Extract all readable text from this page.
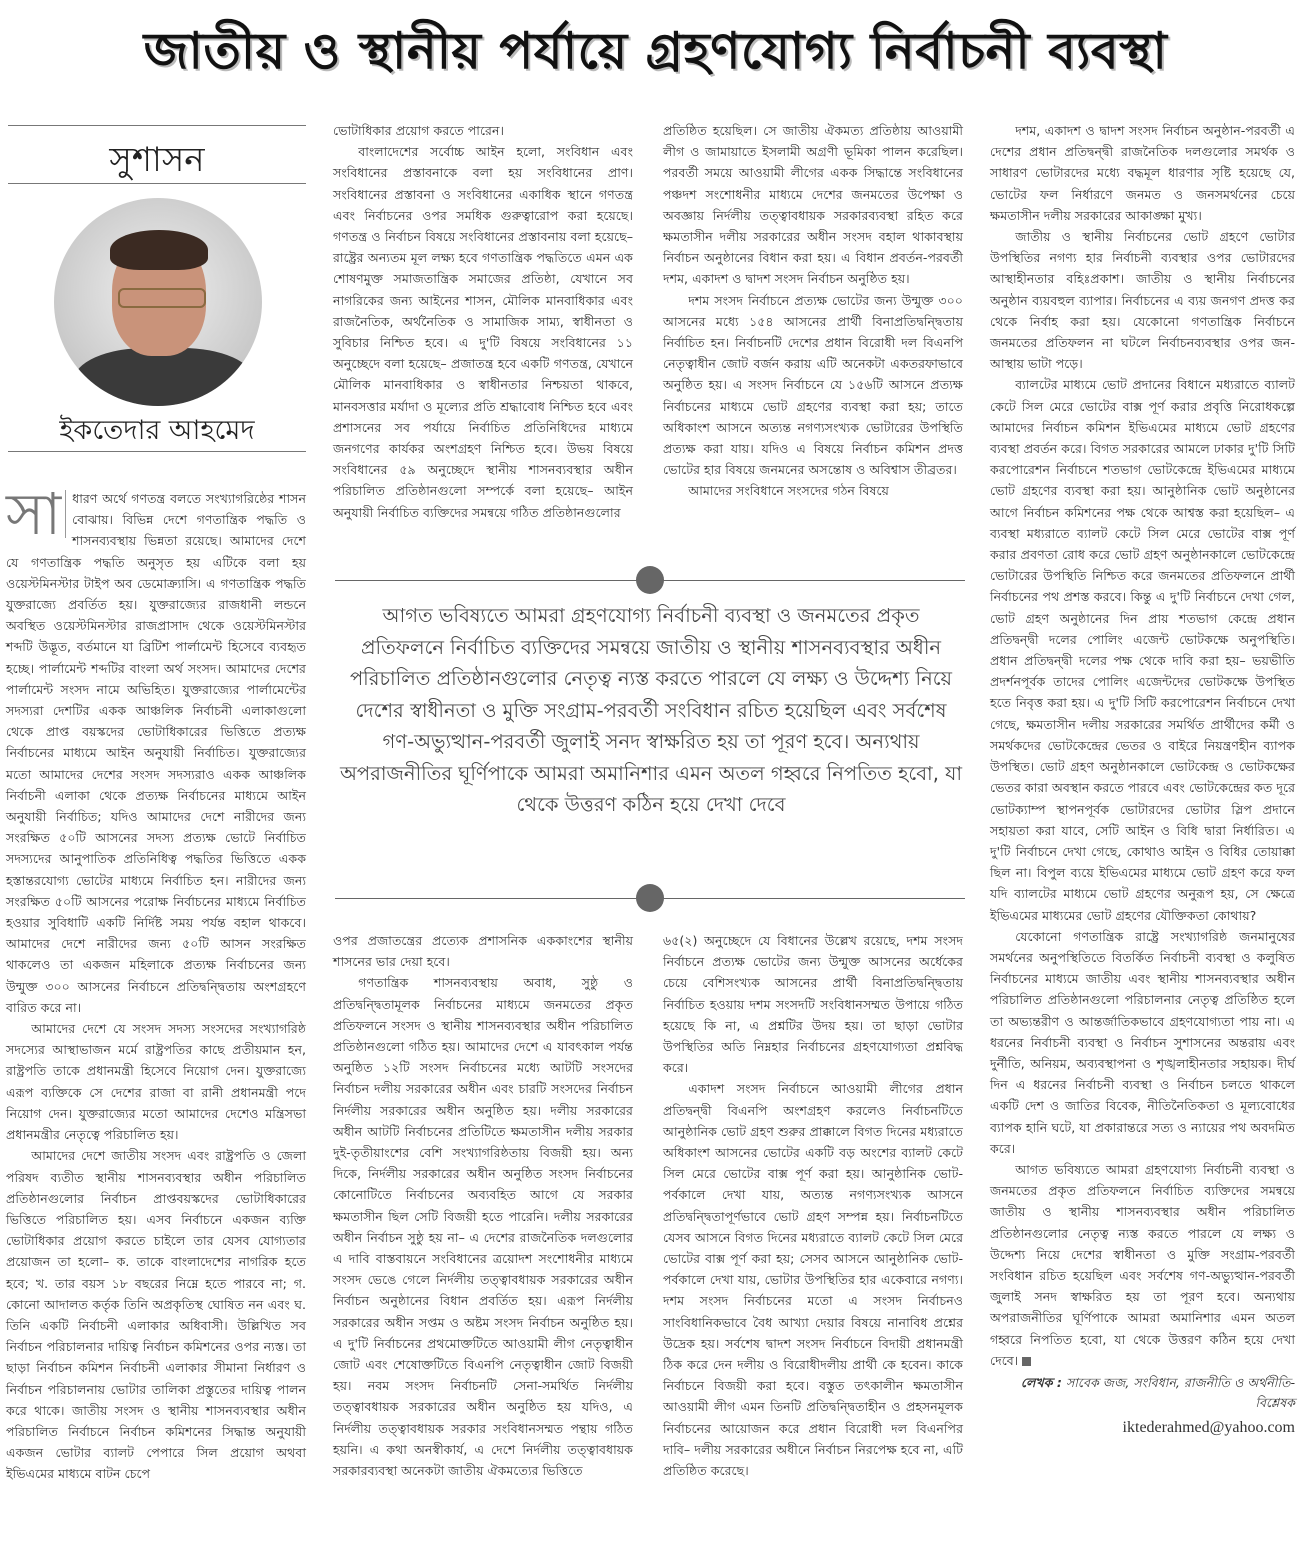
জাতীয় ও স্থানীয় পর্যায়ে গ্রহণযোগ্য নির্বাচনী ব্যবস্থা
সুশাসন
ইকতেদার আহমেদ

সা ধারণ অর্থে গণতন্ত্র বলতে সংখ্যাগরিষ্ঠের শাসন বোঝায়। বিভিন্ন দেশে গণতান্ত্রিক পদ্ধতি ও শাসনব্যবস্থায় ভিন্নতা রয়েছে। আমাদের দেশে যে গণতান্ত্রিক পদ্ধতি অনুসৃত হয় এটিকে বলা হয় ওয়েস্টমিনস্টার টাইপ অব ডেমোক্র্যাসি। এ গণতান্ত্রিক পদ্ধতি যুক্তরাজ্যে প্রবর্তিত হয়। যুক্তরাজ্যের রাজধানী লন্ডনে অবস্থিত ওয়েস্টমিনস্টার রাজপ্রাসাদ থেকে ওয়েস্টমিনস্টার শব্দটি উদ্ভূত, বর্তমানে যা ব্রিটিশ পার্লামেন্ট হিসেবে ব্যবহৃত হচ্ছে। পার্লামেন্ট শব্দটির বাংলা অর্থ সংসদ। আমাদের দেশের পার্লামেন্ট সংসদ নামে অভিহিত। যুক্তরাজ্যের পার্লামেন্টের সদস্যরা দেশটির একক আঞ্চলিক নির্বাচনী এলাকাগুলো থেকে প্রাপ্ত বয়স্কদের ভোটাধিকারের ভিত্তিতে প্রত্যক্ষ নির্বাচনের মাধ্যমে আইন অনুযায়ী নির্বাচিত। যুক্তরাজ্যের মতো আমাদের দেশের সংসদ সদস্যরাও একক আঞ্চলিক নির্বাচনী এলাকা থেকে প্রত্যক্ষ নির্বাচনের মাধ্যমে আইন অনুযায়ী নির্বাচিত; যদিও আমাদের দেশে নারীদের জন্য সংরক্ষিত ৫০টি আসনের সদস্য প্রত্যক্ষ ভোটে নির্বাচিত সদস্যদের আনুপাতিক প্রতিনিধিত্ব পদ্ধতির ভিত্তিতে একক হস্তান্তরযোগ্য ভোটের মাধ্যমে নির্বাচিত হন। নারীদের জন্য সংরক্ষিত ৫০টি আসনের পরোক্ষ নির্বাচনের মাধ্যমে নির্বাচিত হওয়ার সুবিধাটি একটি নির্দিষ্ট সময় পর্যন্ত বহাল থাকবে। আমাদের দেশে নারীদের জন্য ৫০টি আসন সংরক্ষিত থাকলেও তা একজন মহিলাকে প্রত্যক্ষ নির্বাচনের জন্য উন্মুক্ত ৩০০ আসনের নির্বাচনে প্রতিদ্বন্দ্বিতায় অংশগ্রহণে বারিত করে না।

আমাদের দেশে যে সংসদ সদস্য সংসদের সংখ্যাগরিষ্ঠ সদস্যের আস্থাভাজন মর্মে রাষ্ট্রপতির কাছে প্রতীয়মান হন, রাষ্ট্রপতি তাকে প্রধানমন্ত্রী হিসেবে নিয়োগ দেন। যুক্তরাজ্যে এরূপ ব্যক্তিকে সে দেশের রাজা বা রানী প্রধানমন্ত্রী পদে নিয়োগ দেন। যুক্তরাজ্যের মতো আমাদের দেশেও মন্ত্রিসভা প্রধানমন্ত্রীর নেতৃত্বে পরিচালিত হয়।

আমাদের দেশে জাতীয় সংসদ এবং রাষ্ট্রপতি ও জেলা পরিষদ ব্যতীত স্থানীয় শাসনব্যবস্থার অধীন পরিচালিত প্রতিষ্ঠানগুলোর নির্বাচন প্রাপ্তবয়স্কদের ভোটাধিকারের ভিত্তিতে পরিচালিত হয়। এসব নির্বাচনে একজন ব্যক্তি ভোটাধিকার প্রয়োগ করতে চাইলে তার যেসব যোগ্যতার প্রয়োজন তা হলো– ক. তাকে বাংলাদেশের নাগরিক হতে হবে; খ. তার বয়স ১৮ বছরের নিম্নে হতে পারবে না; গ. কোনো আদালত কর্তৃক তিনি অপ্রকৃতিস্থ ঘোষিত নন এবং ঘ. তিনি একটি নির্বাচনী এলাকার অধিবাসী। উল্লিখিত সব নির্বাচন পরিচালনার দায়িত্ব নির্বাচন কমিশনের ওপর ন্যস্ত। তা ছাড়া নির্বাচন কমিশন নির্বাচনী এলাকার সীমানা নির্ধারণ ও নির্বাচন পরিচালনায় ভোটার তালিকা প্রস্তুতের দায়িত্ব পালন করে থাকে। জাতীয় সংসদ ও স্থানীয় শাসনব্যবস্থার অধীন পরিচালিত নির্বাচনে নির্বাচন কমিশনের সিদ্ধান্ত অনুযায়ী একজন ভোটার ব্যালট পেপারে সিল প্রয়োগ অথবা ইভিএমের মাধ্যমে বাটন চেপে

ভোটাধিকার প্রয়োগ করতে পারেন।

বাংলাদেশের সর্বোচ্চ আইন হলো, সংবিধান এবং সংবিধানের প্রস্তাবনাকে বলা হয় সংবিধানের প্রাণ। সংবিধানের প্রস্তাবনা ও সংবিধানের একাধিক স্থানে গণতন্ত্র এবং নির্বাচনের ওপর সমধিক গুরুত্বারোপ করা হয়েছে। গণতন্ত্র ও নির্বাচন বিষয়ে সংবিধানের প্রস্তাবনায় বলা হয়েছে– রাষ্ট্রের অন্যতম মূল লক্ষ্য হবে গণতান্ত্রিক পদ্ধতিতে এমন এক শোষণমুক্ত সমাজতান্ত্রিক সমাজের প্রতিষ্ঠা, যেখানে সব নাগরিকের জন্য আইনের শাসন, মৌলিক মানবাধিকার এবং রাজনৈতিক, অর্থনৈতিক ও সামাজিক সাম্য, স্বাধীনতা ও সুবিচার নিশ্চিত হবে। এ দু'টি বিষয়ে সংবিধানের ১১ অনুচ্ছেদে বলা হয়েছে– প্রজাতন্ত্র হবে একটি গণতন্ত্র, যেখানে মৌলিক মানবাধিকার ও স্বাধীনতার নিশ্চয়তা থাকবে, মানবসত্তার মর্যাদা ও মূল্যের প্রতি শ্রদ্ধাবোধ নিশ্চিত হবে এবং প্রশাসনের সব পর্যায়ে নির্বাচিত প্রতিনিধিদের মাধ্যমে জনগণের কার্যকর অংশগ্রহণ নিশ্চিত হবে। উভয় বিষয়ে সংবিধানের ৫৯ অনুচ্ছেদে স্থানীয় শাসনব্যবস্থার অধীন পরিচালিত প্রতিষ্ঠানগুলো সম্পর্কে বলা হয়েছে– আইন অনুযায়ী নির্বাচিত ব্যক্তিদের সমন্বয়ে গঠিত প্রতিষ্ঠানগুলোর

প্রতিষ্ঠিত হয়েছিল। সে জাতীয় ঐকমত্য প্রতিষ্ঠায় আওয়ামী লীগ ও জামায়াতে ইসলামী অগ্রণী ভূমিকা পালন করেছিল। পরবর্তী সময়ে আওয়ামী লীগের একক সিদ্ধান্তে সংবিধানের পঞ্চদশ সংশোধনীর মাধ্যমে দেশের জনমতের উপেক্ষা ও অবজ্ঞায় নির্দলীয় তত্ত্বাবধায়ক সরকারব্যবস্থা রহিত করে ক্ষমতাসীন দলীয় সরকারের অধীন সংসদ বহাল থাকাবস্থায় নির্বাচন অনুষ্ঠানের বিধান করা হয়। এ বিধান প্রবর্তন-পরবর্তী দশম, একাদশ ও দ্বাদশ সংসদ নির্বাচন অনুষ্ঠিত হয়।

দশম সংসদ নির্বাচনে প্রত্যক্ষ ভোটের জন্য উন্মুক্ত ৩০০ আসনের মধ্যে ১৫৪ আসনের প্রার্থী বিনাপ্রতিদ্বন্দ্বিতায় নির্বাচিত হন। নির্বাচনটি দেশের প্রধান বিরোধী দল বিএনপি নেতৃত্বাধীন জোট বর্জন করায় এটি অনেকটা একতরফাভাবে অনুষ্ঠিত হয়। এ সংসদ নির্বাচনে যে ১৫৬টি আসনে প্রত্যক্ষ নির্বাচনের মাধ্যমে ভোট গ্রহণের ব্যবস্থা করা হয়; তাতে অধিকাংশ আসনে অত্যন্ত নগণ্যসংখ্যক ভোটারের উপস্থিতি প্রত্যক্ষ করা যায়। যদিও এ বিষয়ে নির্বাচন কমিশন প্রদত্ত ভোটের হার বিষয়ে জনমনের অসন্তোষ ও অবিশ্বাস তীব্রতর।

আমাদের সংবিধানে সংসদের গঠন বিষয়ে

আগত ভবিষ্যতে আমরা গ্রহণযোগ্য নির্বাচনী ব্যবস্থা ও জনমতের প্রকৃত প্রতিফলনে নির্বাচিত ব্যক্তিদের সমন্বয়ে জাতীয় ও স্থানীয় শাসনব্যবস্থার অধীন পরিচালিত প্রতিষ্ঠানগুলোর নেতৃত্ব ন্যস্ত করতে পারলে যে লক্ষ্য ও উদ্দেশ্য নিয়ে দেশের স্বাধীনতা ও মুক্তি সংগ্রাম-পরবর্তী সংবিধান রচিত হয়েছিল এবং সর্বশেষ গণ-অভ্যুত্থান-পরবর্তী জুলাই সনদ স্বাক্ষরিত হয় তা পূরণ হবে। অন্যথায় অপরাজনীতির ঘূর্ণিপাকে আমরা অমানিশার এমন অতল গহ্বরে নিপতিত হবো, যা থেকে উত্তরণ কঠিন হয়ে দেখা দেবে

ওপর প্রজাতন্ত্রের প্রত্যেক প্রশাসনিক এককাংশের স্থানীয় শাসনের ভার দেয়া হবে।

গণতান্ত্রিক শাসনব্যবস্থায় অবাধ, সুষ্ঠু ও প্রতিদ্বন্দ্বিতামূলক নির্বাচনের মাধ্যমে জনমতের প্রকৃত প্রতিফলনে সংসদ ও স্থানীয় শাসনব্যবস্থার অধীন পরিচালিত প্রতিষ্ঠানগুলো গঠিত হয়। আমাদের দেশে এ যাবৎকাল পর্যন্ত অনুষ্ঠিত ১২টি সংসদ নির্বাচনের মধ্যে আটটি সংসদের নির্বাচন দলীয় সরকারের অধীন এবং চারটি সংসদের নির্বাচন নির্দলীয় সরকারের অধীন অনুষ্ঠিত হয়। দলীয় সরকারের অধীন আটটি নির্বাচনের প্রতিটিতে ক্ষমতাসীন দলীয় সরকার দুই-তৃতীয়াংশের বেশি সংখ্যাগরিষ্ঠতায় বিজয়ী হয়। অন্য দিকে, নির্দলীয় সরকারের অধীন অনুষ্ঠিত সংসদ নির্বাচনের কোনোটিতে নির্বাচনের অব্যবহিত আগে যে সরকার ক্ষমতাসীন ছিল সেটি বিজয়ী হতে পারেনি। দলীয় সরকারের অধীন নির্বাচন সুষ্ঠু হয় না– এ দেশের রাজনৈতিক দলগুলোর এ দাবি বাস্তবায়নে সংবিধানের ত্রয়োদশ সংশোধনীর মাধ্যমে সংসদ ভেঙে গেলে নির্দলীয় তত্ত্বাবধায়ক সরকারের অধীন নির্বাচন অনুষ্ঠানের বিধান প্রবর্তিত হয়। এরূপ নির্দলীয় সরকারের অধীন সপ্তম ও অষ্টম সংসদ নির্বাচন অনুষ্ঠিত হয়। এ দু'টি নির্বাচনের প্রথমোক্তটিতে আওয়ামী লীগ নেতৃত্বাধীন জোট এবং শেষোক্তটিতে বিএনপি নেতৃত্বাধীন জোট বিজয়ী হয়। নবম সংসদ নির্বাচনটি সেনা-সমর্থিত নির্দলীয় তত্ত্বাবধায়ক সরকারের অধীন অনুষ্ঠিত হয় যদিও, এ নির্দলীয় তত্ত্বাবধায়ক সরকার সংবিধানসম্মত পন্থায় গঠিত হয়নি। এ কথা অনস্বীকার্য, এ দেশে নির্দলীয় তত্ত্বাবধায়ক সরকারব্যবস্থা অনেকটা জাতীয় ঐকমত্যের ভিত্তিতে

৬৫(২) অনুচ্ছেদে যে বিধানের উল্লেখ রয়েছে, দশম সংসদ নির্বাচনে প্রত্যক্ষ ভোটের জন্য উন্মুক্ত আসনের অর্ধেকের চেয়ে বেশিসংখ্যক আসনের প্রার্থী বিনাপ্রতিদ্বন্দ্বিতায় নির্বাচিত হওয়ায় দশম সংসদটি সংবিধানসম্মত উপায়ে গঠিত হয়েছে কি না, এ প্রশ্নটির উদয় হয়। তা ছাড়া ভোটার উপস্থিতির অতি নিম্নহার নির্বাচনের গ্রহণযোগ্যতা প্রশ্নবিদ্ধ করে।

একাদশ সংসদ নির্বাচনে আওয়ামী লীগের প্রধান প্রতিদ্বন্দ্বী বিএনপি অংশগ্রহণ করলেও নির্বাচনটিতে আনুষ্ঠানিক ভোট গ্রহণ শুরুর প্রাক্কালে বিগত দিনের মধ্যরাতে অধিকাংশ আসনের ভোটের একটি বড় অংশের ব্যালট কেটে সিল মেরে ভোটের বাক্স পূর্ণ করা হয়। আনুষ্ঠানিক ভোট-পর্বকালে দেখা যায়, অত্যন্ত নগণ্যসংখ্যক আসনে প্রতিদ্বন্দ্বিতাপূর্ণভাবে ভোট গ্রহণ সম্পন্ন হয়। নির্বাচনটিতে যেসব আসনে বিগত দিনের মধ্যরাতে ব্যালট কেটে সিল মেরে ভোটের বাক্স পূর্ণ করা হয়; সেসব আসনে আনুষ্ঠানিক ভোট-পর্বকালে দেখা যায়, ভোটার উপস্থিতির হার একেবারে নগণ্য। দশম সংসদ নির্বাচনের মতো এ সংসদ নির্বাচনও সাংবিধানিকভাবে বৈধ আখ্যা দেয়ার বিষয়ে নানাবিধ প্রশ্নের উদ্রেক হয়। সর্বশেষ দ্বাদশ সংসদ নির্বাচনে বিদায়ী প্রধানমন্ত্রী ঠিক করে দেন দলীয় ও বিরোধীদলীয় প্রার্থী কে হবেন। কাকে নির্বাচনে বিজয়ী করা হবে। বস্তুত তৎকালীন ক্ষমতাসীন আওয়ামী লীগ এমন তিনটি প্রতিদ্বন্দ্বিতাহীন ও প্রহসনমূলক নির্বাচনের আয়োজন করে প্রধান বিরোধী দল বিএনপির দাবি– দলীয় সরকারের অধীনে নির্বাচন নিরপেক্ষ হবে না, এটি প্রতিষ্ঠিত করেছে।

দশম, একাদশ ও দ্বাদশ সংসদ নির্বাচন অনুষ্ঠান-পরবর্তী এ দেশের প্রধান প্রতিদ্বন্দ্বী রাজনৈতিক দলগুলোর সমর্থক ও সাধারণ ভোটারদের মধ্যে বদ্ধমূল ধারণার সৃষ্টি হয়েছে যে, ভোটের ফল নির্ধারণে জনমত ও জনসমর্থনের চেয়ে ক্ষমতাসীন দলীয় সরকারের আকাঙ্ক্ষা মুখ্য।

জাতীয় ও স্থানীয় নির্বাচনের ভোট গ্রহণে ভোটার উপস্থিতির নগণ্য হার নির্বাচনী ব্যবস্থার ওপর ভোটারদের আস্থাহীনতার বহিঃপ্রকাশ। জাতীয় ও স্থানীয় নির্বাচনের অনুষ্ঠান ব্যয়বহুল ব্যাপার। নির্বাচনের এ ব্যয় জনগণ প্রদত্ত কর থেকে নির্বাহ করা হয়। যেকোনো গণতান্ত্রিক নির্বাচনে জনমতের প্রতিফলন না ঘটলে নির্বাচনব্যবস্থার ওপর জন-আস্থায় ভাটা পড়ে।

ব্যালটের মাধ্যমে ভোট প্রদানের বিধানে মধ্যরাতে ব্যালট কেটে সিল মেরে ভোটের বাক্স পূর্ণ করার প্রবৃত্তি নিরোধকল্পে আমাদের নির্বাচন কমিশন ইভিএমের মাধ্যমে ভোট গ্রহণের ব্যবস্থা প্রবর্তন করে। বিগত সরকারের আমলে ঢাকার দু'টি সিটি করপোরেশন নির্বাচনে শতভাগ ভোটকেন্দ্রে ইভিএমের মাধ্যমে ভোট গ্রহণের ব্যবস্থা করা হয়। আনুষ্ঠানিক ভোট অনুষ্ঠানের আগে নির্বাচন কমিশনের পক্ষ থেকে আশ্বস্ত করা হয়েছিল– এ ব্যবস্থা মধ্যরাতে ব্যালট কেটে সিল মেরে ভোটের বাক্স পূর্ণ করার প্রবণতা রোধ করে ভোট গ্রহণ অনুষ্ঠানকালে ভোটকেন্দ্রে ভোটারের উপস্থিতি নিশ্চিত করে জনমতের প্রতিফলনে প্রার্থী নির্বাচনের পথ প্রশস্ত করবে। কিন্তু এ দু'টি নির্বাচনে দেখা গেল, ভোট গ্রহণ অনুষ্ঠানের দিন প্রায় শতভাগ কেন্দ্রে প্রধান প্রতিদ্বন্দ্বী দলের পোলিং এজেন্ট ভোটকক্ষে অনুপস্থিতি। প্রধান প্রতিদ্বন্দ্বী দলের পক্ষ থেকে দাবি করা হয়– ভয়ভীতি প্রদর্শনপূর্বক তাদের পোলিং এজেন্টদের ভোটকক্ষে উপস্থিত হতে নিবৃত্ত করা হয়। এ দু'টি সিটি করপোরেশন নির্বাচনে দেখা গেছে, ক্ষমতাসীন দলীয় সরকারের সমর্থিত প্রার্থীদের কর্মী ও সমর্থকদের ভোটকেন্দ্রের ভেতর ও বাইরে নিয়ন্ত্রণহীন ব্যাপক উপস্থিত। ভোট গ্রহণ অনুষ্ঠানকালে ভোটকেন্দ্র ও ভোটকক্ষের ভেতর কারা অবস্থান করতে পারবে এবং ভোটকেন্দ্রের কত দূরে ভোটক্যাম্প স্থাপনপূর্বক ভোটারদের ভোটার স্লিপ প্রদানে সহায়তা করা যাবে, সেটি আইন ও বিধি দ্বারা নির্ধারিত। এ দু'টি নির্বাচনে দেখা গেছে, কোথাও আইন ও বিধির তোয়াক্কা ছিল না। বিপুল ব্যয়ে ইভিএমের মাধ্যমে ভোট গ্রহণ করে ফল যদি ব্যালটের মাধ্যমে ভোট গ্রহণের অনুরূপ হয়, সে ক্ষেত্রে ইভিএমের মাধ্যমের ভোট গ্রহণের যৌক্তিকতা কোথায়?

যেকোনো গণতান্ত্রিক রাষ্ট্রে সংখ্যাগরিষ্ঠ জনমানুষের সমর্থনের অনুপস্থিতিতে বিতর্কিত নির্বাচনী ব্যবস্থা ও কলুষিত নির্বাচনের মাধ্যমে জাতীয় এবং স্থানীয় শাসনব্যবস্থার অধীন পরিচালিত প্রতিষ্ঠানগুলো পরিচালনার নেতৃত্ব প্রতিষ্ঠিত হলে তা অভ্যন্তরীণ ও আন্তর্জাতিকভাবে গ্রহণযোগ্যতা পায় না। এ ধরনের নির্বাচনী ব্যবস্থা ও নির্বাচন সুশাসনের অন্তরায় এবং দুর্নীতি, অনিয়ম, অব্যবস্থাপনা ও শৃঙ্খলাহীনতার সহায়ক। দীর্ঘ দিন এ ধরনের নির্বাচনী ব্যবস্থা ও নির্বাচন চলতে থাকলে একটি দেশ ও জাতির বিবেক, নীতিনৈতিকতা ও মূল্যবোধের ব্যাপক হানি ঘটে, যা প্রকারান্তরে সত্য ও ন্যায়ের পথ অবদমিত করে।

আগত ভবিষ্যতে আমরা গ্রহণযোগ্য নির্বাচনী ব্যবস্থা ও জনমতের প্রকৃত প্রতিফলনে নির্বাচিত ব্যক্তিদের সমন্বয়ে জাতীয় ও স্থানীয় শাসনব্যবস্থার অধীন পরিচালিত প্রতিষ্ঠানগুলোর নেতৃত্ব ন্যস্ত করতে পারলে যে লক্ষ্য ও উদ্দেশ্য নিয়ে দেশের স্বাধীনতা ও মুক্তি সংগ্রাম-পরবর্তী সংবিধান রচিত হয়েছিল এবং সর্বশেষ গণ-অভ্যুত্থান-পরবর্তী জুলাই সনদ স্বাক্ষরিত হয় তা পূরণ হবে। অন্যথায় অপরাজনীতির ঘূর্ণিপাকে আমরা অমানিশার এমন অতল গহ্বরে নিপতিত হবো, যা থেকে উত্তরণ কঠিন হয়ে দেখা দেবে।

লেখক : সাবেক জজ, সংবিধান, রাজনীতি ও অর্থনীতি-বিশ্লেষক
iktederahmed@yahoo.com
